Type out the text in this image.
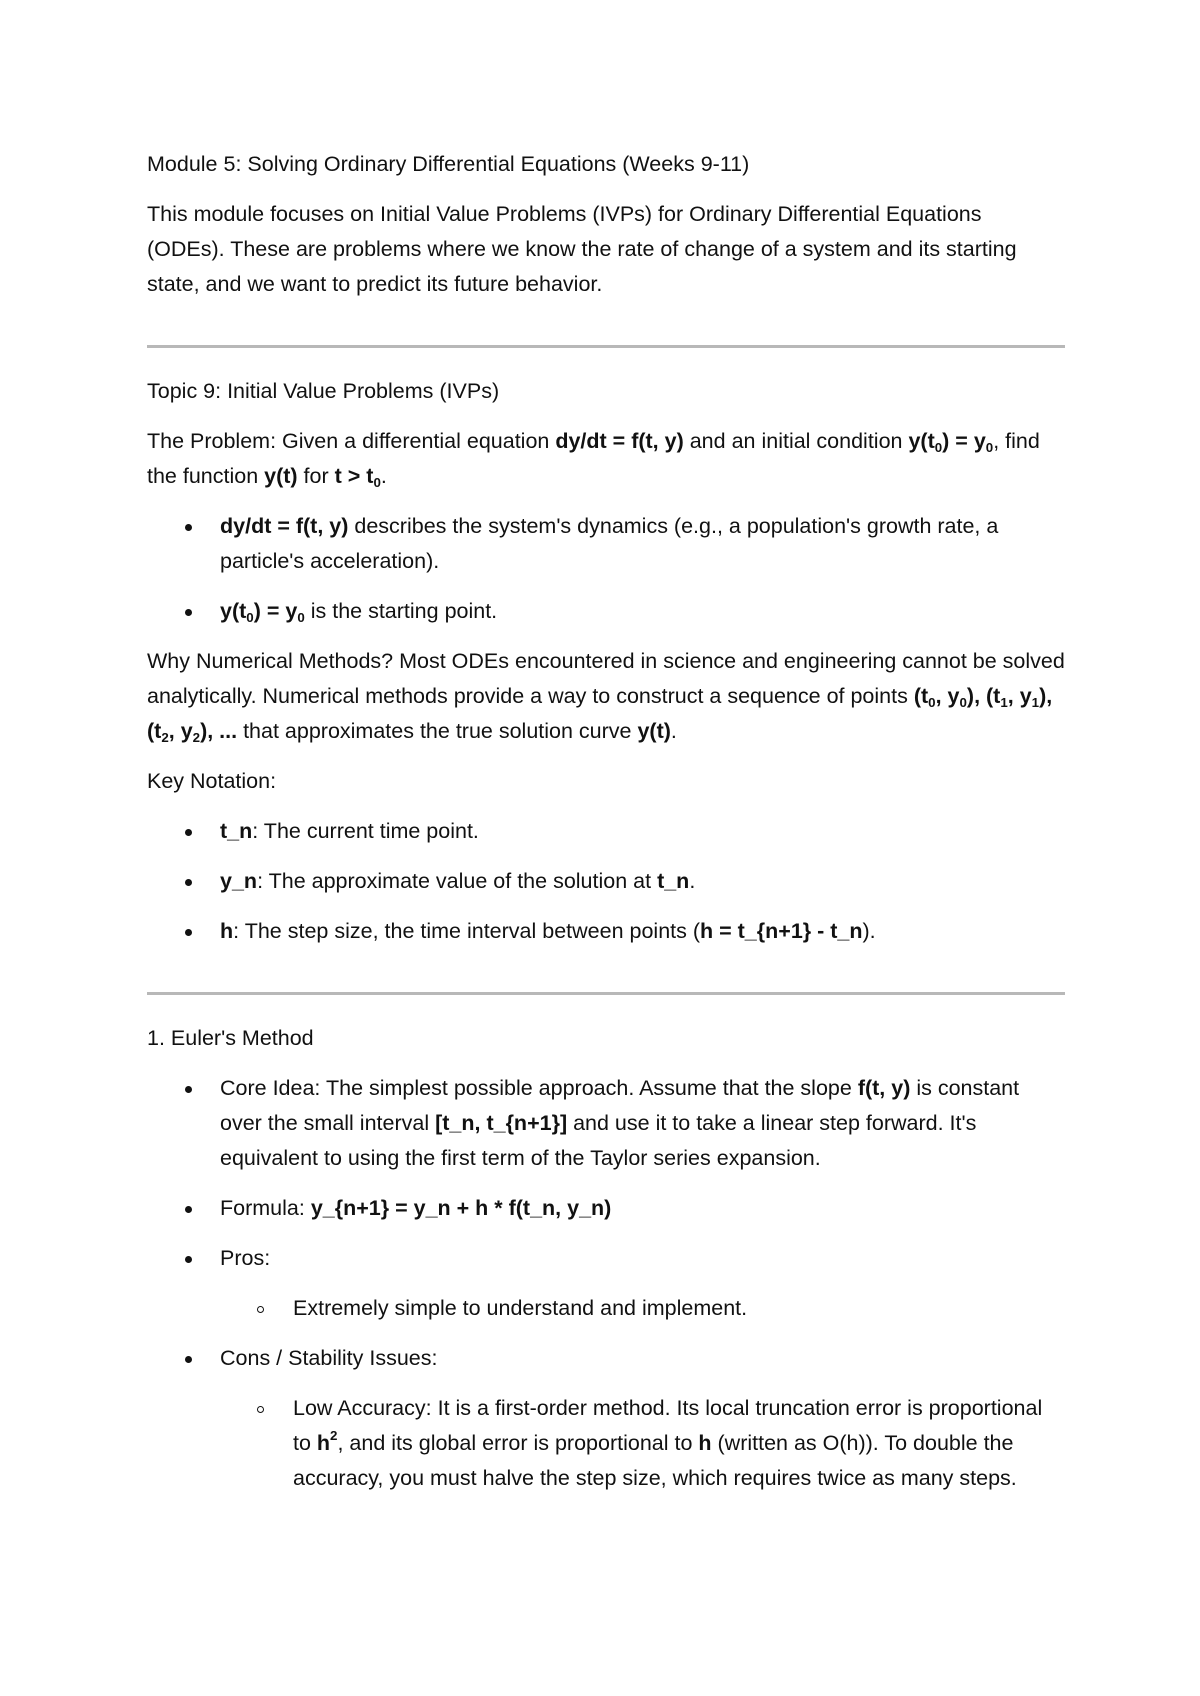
Module 5: Solving Ordinary Differential Equations (Weeks 9-11)

This module focuses on Initial Value Problems (IVPs) for Ordinary Differential Equations (ODEs). These are problems where we know the rate of change of a system and its starting state, and we want to predict its future behavior.

Topic 9: Initial Value Problems (IVPs)

The Problem: Given a differential equation dy/dt = f(t, y) and an initial condition $y(t_0) = y_0$, find the function y(t) for $t > t_0$.

dy/dt = f(t, y) describes the system's dynamics (e.g., a population's growth rate, a particle's acceleration).
$y(t_0) = y_0$ is the starting point.

Why Numerical Methods? Most ODEs encountered in science and engineering cannot be solved analytically. Numerical methods provide a way to construct a sequence of points ($t_0$, $y_0$), ($t_1$, $y_1$), ($t_2$, $y_2$), ... that approximates the true solution curve y(t).

Key Notation:

t_n: The current time point.
y_n: The approximate value of the solution at t_n.
h: The step size, the time interval between points (h = t_{n+1} - t_n).

1. Euler's Method

Core Idea: The simplest possible approach. Assume that the slope f(t, y) is constant over the small interval [t_n, t_{n+1}] and use it to take a linear step forward. It's equivalent to using the first term of the Taylor series expansion.
Formula: y_{n+1} = y_n + h * f(t_n, y_n)
Pros:
Extremely simple to understand and implement.
Cons / Stability Issues:
Low Accuracy: It is a first-order method. Its local truncation error is proportional to $h^2$, and its global error is proportional to h (written as O(h)). To double the accuracy, you must halve the step size, which requires twice as many steps.
